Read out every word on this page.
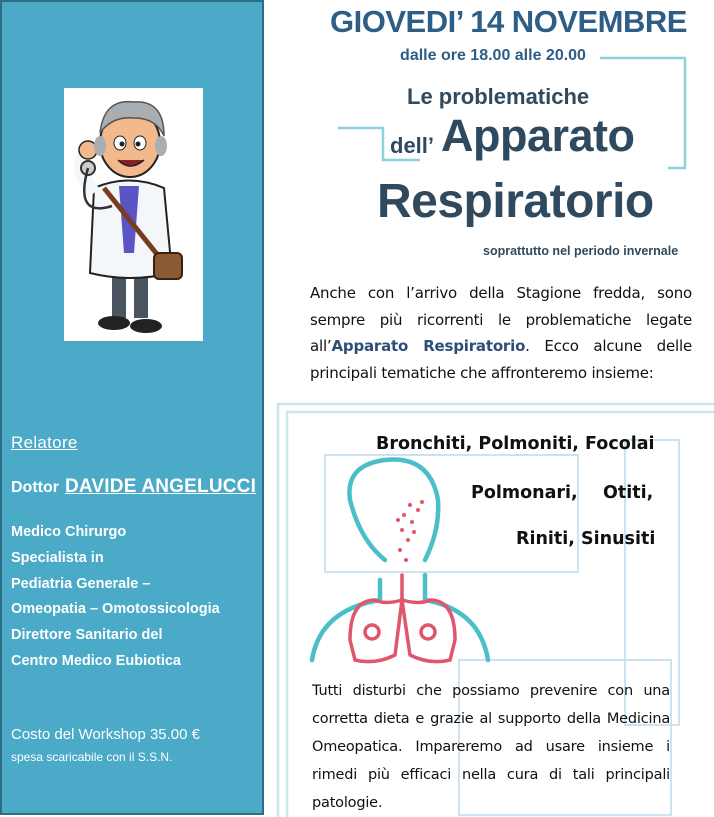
Relatore
Dottor DAVIDE ANGELUCCI
Medico Chirurgo
Specialista in
Pediatria Generale –
Omeopatia – Omotossicologia
Direttore Sanitario del
Centro Medico Eubiotica
Costo del Workshop 35.00 €
spesa scaricabile con il S.S.N.
GIOVEDI’ 14 NOVEMBRE
dalle ore 18.00 alle 20.00
Le problematiche
dell’ Apparato
Respiratorio
soprattutto nel periodo invernale
Anche con l’arrivo della Stagione fredda, sono sempre più ricorrenti le problematiche legate all’Apparato Respiratorio. Ecco alcune delle principali tematiche che affronteremo insieme:
Bronchiti, Polmoniti, Focolai
Polmonari, Otiti,
Riniti, Sinusiti
Tutti disturbi che possiamo prevenire con una corretta dieta e grazie al supporto della Medicina Omeopatica. Impareremo ad usare insieme i rimedi più efficaci nella cura di tali principali patologie.
